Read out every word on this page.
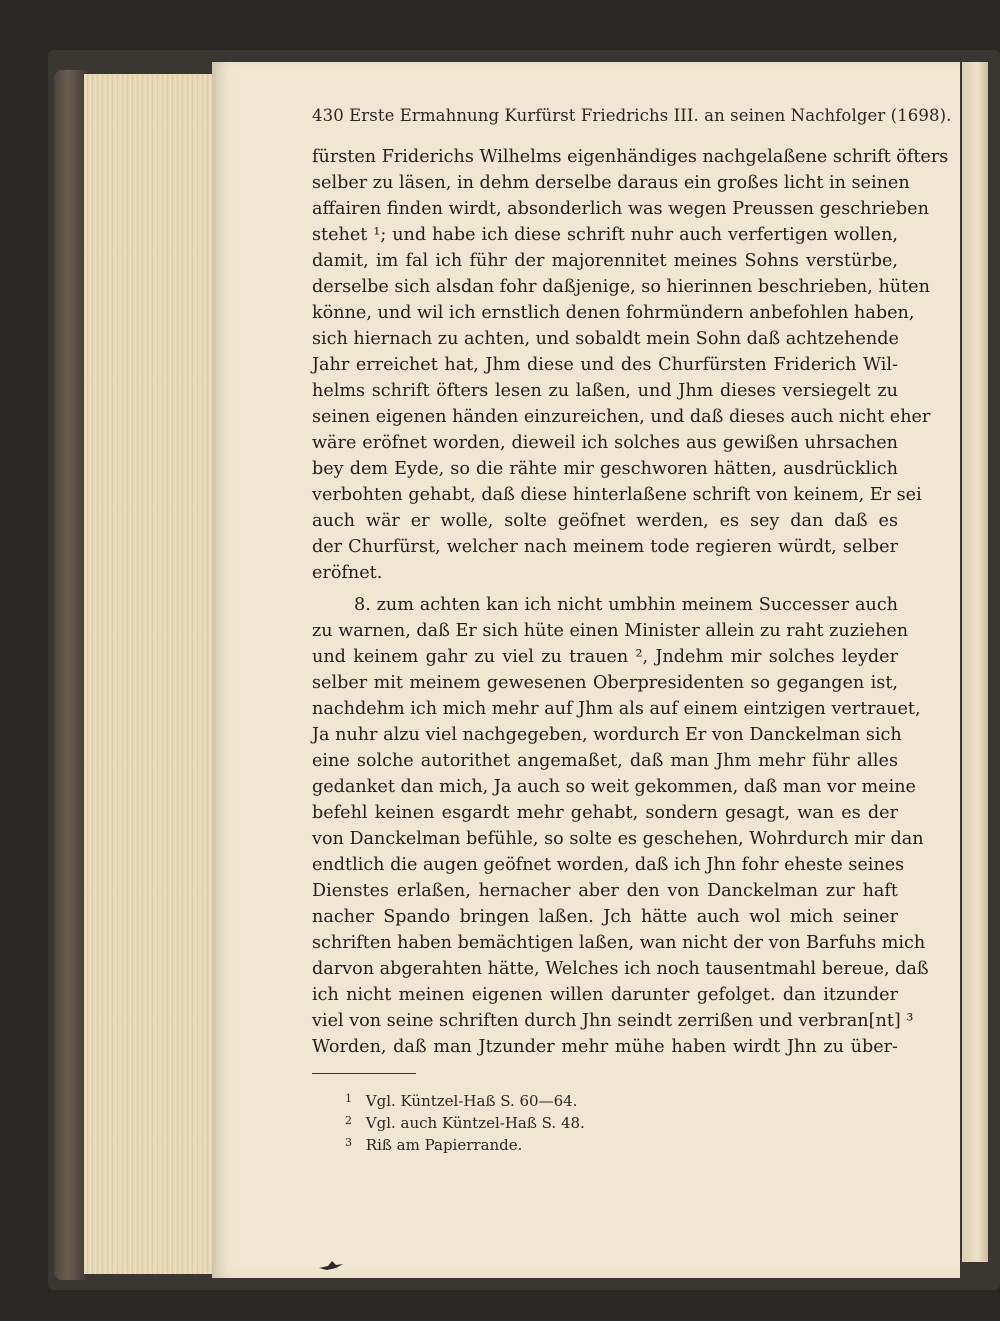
430 Erste Ermahnung Kurfürst Friedrichs III. an seinen Nachfolger (1698).
fürsten Friderichs Wilhelms eigenhändiges nachgelaßene schrift öfters
selber zu läsen, in dehm derselbe daraus ein großes licht in seinen
affairen finden wirdt, absonderlich was wegen Preussen geschrieben
stehet ¹; und habe ich diese schrift nuhr auch verfertigen wollen,
damit, im fal ich führ der majorennitet meines Sohns verstürbe,
derselbe sich alsdan fohr daßjenige, so hierinnen beschrieben, hüten
könne, und wil ich ernstlich denen fohrmündern anbefohlen haben,
sich hiernach zu achten, und sobaldt mein Sohn daß achtzehende
Jahr erreichet hat, Jhm diese und des Churfürsten Friderich Wil-
helms schrift öfters lesen zu laßen, und Jhm dieses versiegelt zu
seinen eigenen händen einzureichen, und daß dieses auch nicht eher
wäre eröfnet worden, dieweil ich solches aus gewißen uhrsachen
bey dem Eyde, so die rähte mir geschworen hätten, ausdrücklich
verbohten gehabt, daß diese hinterlaßene schrift von keinem, Er sei
auch wär er wolle, solte geöfnet werden, es sey dan daß es
der Churfürst, welcher nach meinem tode regieren würdt, selber
eröfnet.
8. zum achten kan ich nicht umbhin meinem Successer auch
zu warnen, daß Er sich hüte einen Minister allein zu raht zuziehen
und keinem gahr zu viel zu trauen ², Jndehm mir solches leyder
selber mit meinem gewesenen Oberpresidenten so gegangen ist,
nachdehm ich mich mehr auf Jhm als auf einem eintzigen vertrauet,
Ja nuhr alzu viel nachgegeben, wordurch Er von Danckelman sich
eine solche autorithet angemaßet, daß man Jhm mehr führ alles
gedanket dan mich, Ja auch so weit gekommen, daß man vor meine
befehl keinen esgardt mehr gehabt, sondern gesagt, wan es der
von Danckelman befühle, so solte es geschehen, Wohrdurch mir dan
endtlich die augen geöfnet worden, daß ich Jhn fohr eheste seines
Dienstes erlaßen, hernacher aber den von Danckelman zur haft
nacher Spando bringen laßen. Jch hätte auch wol mich seiner
schriften haben bemächtigen laßen, wan nicht der von Barfuhs mich
darvon abgerahten hätte, Welches ich noch tausentmahl bereue, daß
ich nicht meinen eigenen willen darunter gefolget. dan itzunder
viel von seine schriften durch Jhn seindt zerrißen und verbran[nt] ³
Worden, daß man Jtzunder mehr mühe haben wirdt Jhn zu über-
1 Vgl. Küntzel-Haß S. 60—64.
2 Vgl. auch Küntzel-Haß S. 48.
3 Riß am Papierrande.
